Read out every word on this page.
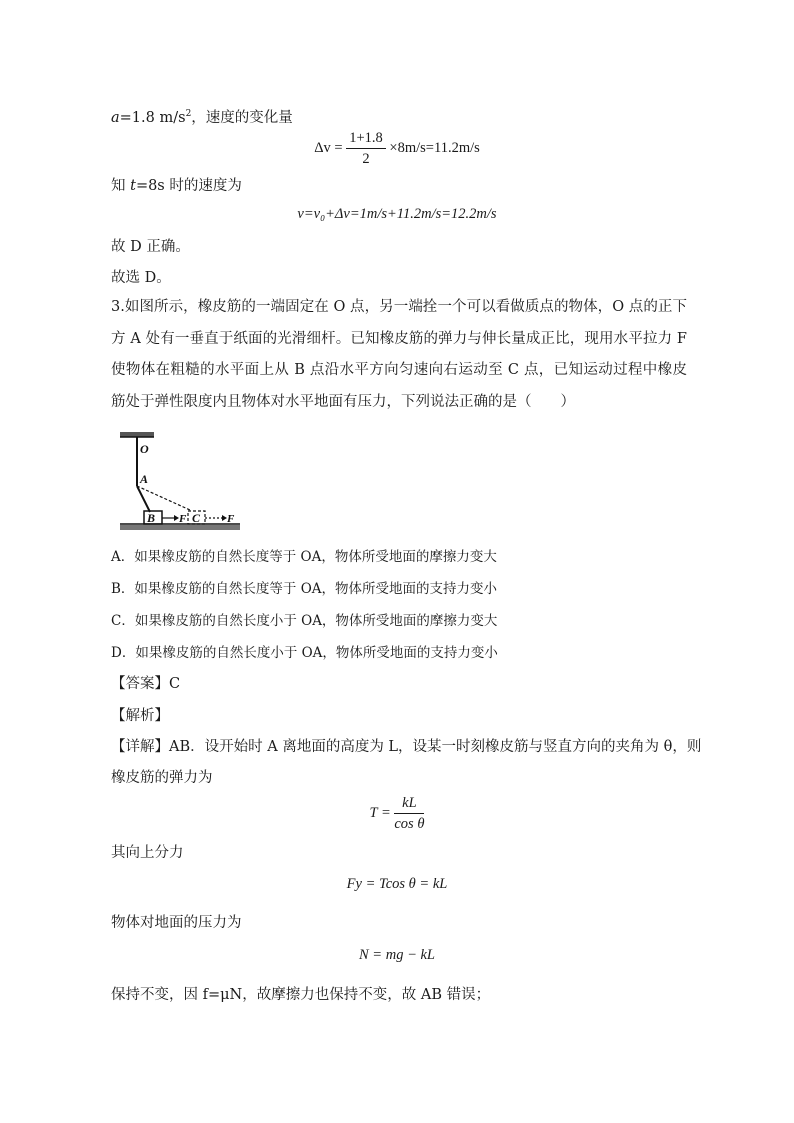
a=1.8 $m/s^2$，速度的变化量
$\Delta v = \frac{1+1.8}{2} \times 8m/s=11.2m/s$
知 t=8s 时的速度为
v=v₀+Δv=1m/s+11.2m/s=12.2m/s
故 D 正确。
故选 D。
3.如图所示，橡皮筋的一端固定在 O 点，另一端拴一个可以看做质点的物体，O 点的正下方 A 处有一垂直于纸面的光滑细杆。已知橡皮筋的弹力与伸长量成正比，现用水平拉力 F 使物体在粗糙的水平面上从 B 点沿水平方向匀速向右运动至 C 点，已知运动过程中橡皮筋处于弹性限度内且物体对水平地面有压力，下列说法正确的是（　　）
O
A
B F C F
A．如果橡皮筋的自然长度等于 OA，物体所受地面的摩擦力变大
B．如果橡皮筋的自然长度等于 OA，物体所受地面的支持力变小
C．如果橡皮筋的自然长度小于 OA，物体所受地面的摩擦力变大
D．如果橡皮筋的自然长度小于 OA，物体所受地面的支持力变小
【答案】C
【解析】
【详解】AB．设开始时 A 离地面的高度为 L，设某一时刻橡皮筋与竖直方向的夹角为 θ，则
橡皮筋的弹力为
$T = \frac{kL}{\text{cos θ}}$
其向上分力
Fy = Tcos θ = kL
物体对地面的压力为
N = mg − kL
保持不变，因 f=μN，故摩擦力也保持不变，故 AB 错误；
